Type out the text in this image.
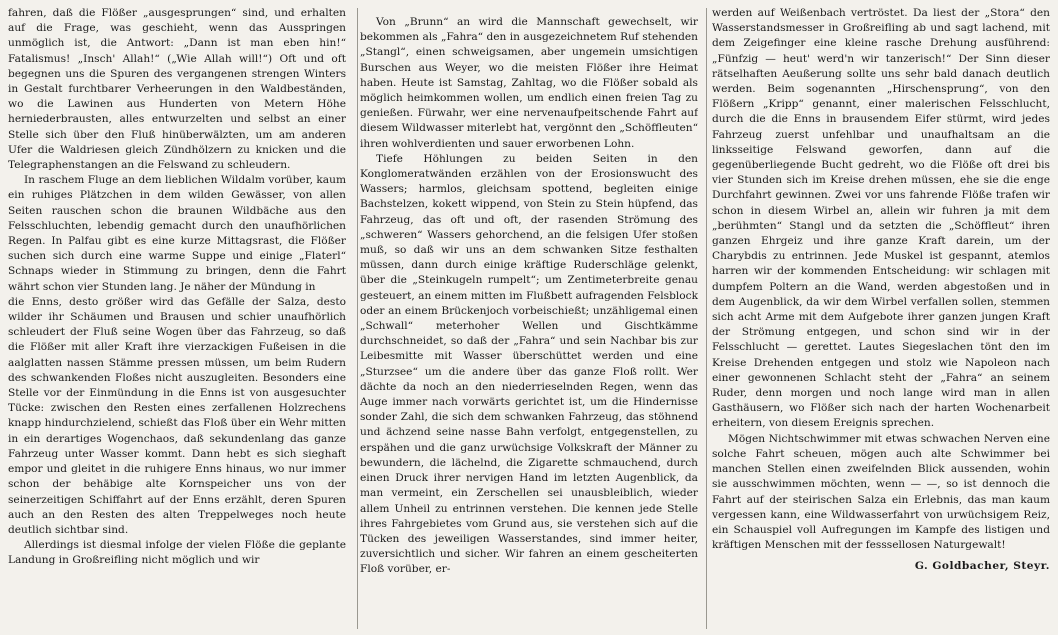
fahren, daß die Flößer „ausgesprungen“ sind, und erhalten auf die Frage, was geschieht, wenn das Ausspringen unmöglich ist, die Antwort: „Dann ist man eben hin!“ Fatalismus! „Insch' Allah!“ („Wie Allah will!“) Oft und oft begegnen uns die Spuren des vergangenen strengen Winters in Gestalt furchtbarer Verheerungen in den Waldbeständen, wo die Lawinen aus Hunderten von Metern Höhe herniederbrausten, alles entwurzelten und selbst an einer Stelle sich über den Fluß hinüberwälzten, um am anderen Ufer die Waldriesen gleich Zündhölzern zu knicken und die Telegraphenstangen an die Felswand zu schleudern.

In raschem Fluge an dem lieblichen Wildalm vorüber, kaum ein ruhiges Plätzchen in dem wilden Gewässer, von allen Seiten rauschen schon die braunen Wildbäche aus den Felsschluchten, lebendig gemacht durch den unaufhörlichen Regen. In Palfau gibt es eine kurze Mittagsrast, die Flößer suchen sich durch eine warme Suppe und einige „Flaterl“ Schnaps wieder in Stimmung zu bringen, denn die Fahrt währt schon vier Stunden lang. Je näher der Mündung in

die Enns, desto größer wird das Gefälle der Salza, desto wilder ihr Schäumen und Brausen und schier unaufhörlich schleudert der Fluß seine Wogen über das Fahrzeug, so daß die Flößer mit aller Kraft ihre vierzackigen Fußeisen in die aalglatten nassen Stämme pressen müssen, um beim Rudern des schwankenden Floßes nicht auszugleiten. Besonders eine Stelle vor der Einmündung in die Enns ist von ausgesuchter Tücke: zwischen den Resten eines zerfallenen Holzrechens knapp hindurchzielend, schießt das Floß über ein Wehr mitten in ein derartiges Wogenchaos, daß sekundenlang das ganze Fahrzeug unter Wasser kommt. Dann hebt es sich sieghaft empor und gleitet in die ruhigere Enns hinaus, wo nur immer schon der behäbige alte Kornspeicher uns von der seinerzeitigen Schiffahrt auf der Enns erzählt, deren Spuren auch an den Resten des alten Treppelweges noch heute deutlich sichtbar sind.

Allerdings ist diesmal infolge der vielen Flöße die geplante Landung in Großreifling nicht möglich und wir

Von „Brunn“ an wird die Mannschaft gewechselt, wir bekommen als „Fahra“ den in ausgezeichnetem Ruf stehenden „Stangl“, einen schweigsamen, aber ungemein umsichtigen Burschen aus Weyer, wo die meisten Flößer ihre Heimat haben. Heute ist Samstag, Zahltag, wo die Flößer sobald als möglich heimkommen wollen, um endlich einen freien Tag zu genießen. Fürwahr, wer eine nervenaufpeitschende Fahrt auf diesem Wildwasser miterlebt hat, vergönnt den „Schöffleuten“ ihren wohlverdienten und sauer erworbenen Lohn.

Tiefe Höhlungen zu beiden Seiten in den Konglomeratwänden erzählen von der Erosionswucht des Wassers; harmlos, gleichsam spottend, begleiten einige Bachstelzen, kokett wippend, von Stein zu Stein hüpfend, das Fahrzeug, das oft und oft, der rasenden Strömung des „schweren“ Wassers gehorchend, an die felsigen Ufer stoßen muß, so daß wir uns an dem schwanken Sitze festhalten müssen, dann durch einige kräftige Ruderschläge gelenkt, über die „Steinkugeln rumpelt“; um Zentimeterbreite genau gesteuert, an einem mitten im Flußbett aufragenden Felsblock oder an einem Brückenjoch vorbeischießt; unzähligemal einen „Schwall“ meterhoher Wellen und Gischtkämme durchschneidet, so daß der „Fahra“ und sein Nachbar bis zur Leibesmitte mit Wasser überschüttet werden und eine „Sturzsee“ um die andere über das ganze Floß rollt. Wer dächte da noch an den niederrieselnden Regen, wenn das Auge immer nach vorwärts gerichtet ist, um die Hindernisse sonder Zahl, die sich dem schwanken Fahrzeug, das stöhnend und ächzend seine nasse Bahn verfolgt, entgegenstellen, zu erspähen und die ganz urwüchsige Volkskraft der Männer zu bewundern, die lächelnd, die Zigarette schmauchend, durch einen Druck ihrer nervigen Hand im letzten Augenblick, da man vermeint, ein Zerschellen sei unausbleiblich, wieder allem Unheil zu entrinnen verstehen. Die kennen jede Stelle ihres Fahrgebietes vom Grund aus, sie verstehen sich auf die Tücken des jeweiligen Wasserstandes, sind immer heiter, zuversichtlich und sicher. Wir fahren an einem gescheiterten Floß vorüber, er-

werden auf Weißenbach vertröstet. Da liest der „Stora“ den Wasserstandsmesser in Großreifling ab und sagt lachend, mit dem Zeigefinger eine kleine rasche Drehung ausführend: „Fünfzig — heut' werd'n wir tanzerisch!“ Der Sinn dieser rätselhaften Aeußerung sollte uns sehr bald danach deutlich werden. Beim sogenannten „Hirschensprung“, von den Flößern „Kripp“ genannt, einer malerischen Felsschlucht, durch die die Enns in brausendem Eifer stürmt, wird jedes Fahrzeug zuerst unfehlbar und unaufhaltsam an die linksseitige Felswand geworfen, dann auf die gegenüberliegende Bucht gedreht, wo die Flöße oft drei bis vier Stunden sich im Kreise drehen müssen, ehe sie die enge Durchfahrt gewinnen. Zwei vor uns fahrende Flöße trafen wir schon in diesem Wirbel an, allein wir fuhren ja mit dem „berühmten“ Stangl und da setzten die „Schöffleut“ ihren ganzen Ehrgeiz und ihre ganze Kraft darein, um der Charybdis zu entrinnen. Jede Muskel ist gespannt, atemlos harren wir der kommenden Entscheidung: wir schlagen mit dumpfem Poltern an die Wand, werden abgestoßen und in dem Augenblick, da wir dem Wirbel verfallen sollen, stemmen sich acht Arme mit dem Aufgebote ihrer ganzen jungen Kraft der Strömung entgegen, und schon sind wir in der Felsschlucht — gerettet. Lautes Siegeslachen tönt den im Kreise Drehenden entgegen und stolz wie Napoleon nach einer gewonnenen Schlacht steht der „Fahra“ an seinem Ruder, denn morgen und noch lange wird man in allen Gasthäusern, wo Flößer sich nach der harten Wochenarbeit erheitern, von diesem Ereignis sprechen.

Mögen Nichtschwimmer mit etwas schwachen Nerven eine solche Fahrt scheuen, mögen auch alte Schwimmer bei manchen Stellen einen zweifelnden Blick aussenden, wohin sie ausschwimmen möchten, wenn — —, so ist dennoch die Fahrt auf der steirischen Salza ein Erlebnis, das man kaum vergessen kann, eine Wildwasserfahrt von urwüchsigem Reiz, ein Schauspiel voll Aufregungen im Kampfe des listigen und kräftigen Menschen mit der fesssellosen Naturgewalt!

G. Goldbacher, Steyr.
